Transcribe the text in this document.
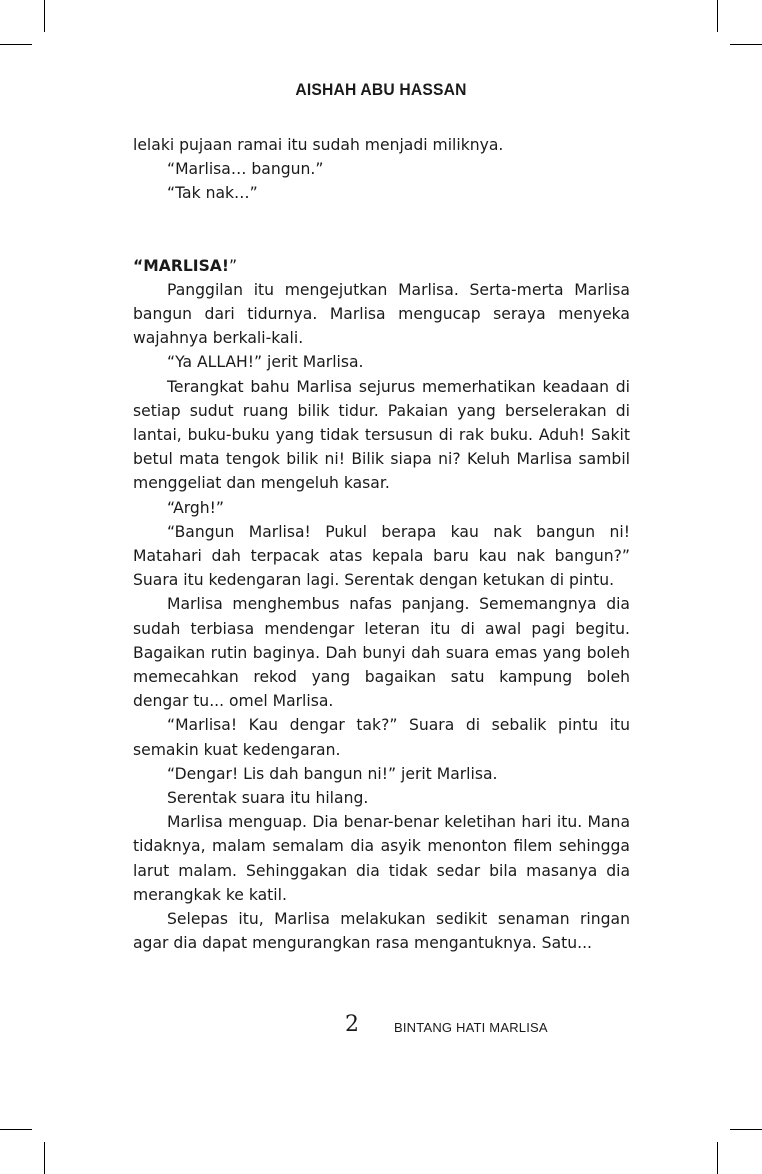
AISHAH ABU HASSAN

lelaki pujaan ramai itu sudah menjadi miliknya.

“Marlisa… bangun.”

“Tak nak…”

“MARLISA!”

Panggilan itu mengejutkan Marlisa. Serta-merta Marlisa bangun dari tidurnya. Marlisa mengucap seraya menyeka wajahnya berkali-kali.

“Ya ALLAH!” jerit Marlisa.

Terangkat bahu Marlisa sejurus memerhatikan keadaan di setiap sudut ruang bilik tidur. Pakaian yang berselerakan di lantai, buku-buku yang tidak tersusun di rak buku. Aduh! Sakit betul mata tengok bilik ni! Bilik siapa ni? Keluh Marlisa sambil menggeliat dan mengeluh kasar.

“Argh!”

“Bangun Marlisa! Pukul berapa kau nak bangun ni! Matahari dah terpacak atas kepala baru kau nak bangun?” Suara itu kedengaran lagi. Serentak dengan ketukan di pintu.

Marlisa menghembus nafas panjang. Sememangnya dia sudah terbiasa mendengar leteran itu di awal pagi begitu. Bagaikan rutin baginya. Dah bunyi dah suara emas yang boleh memecahkan rekod yang bagaikan satu kampung boleh dengar tu... omel Marlisa.

“Marlisa! Kau dengar tak?” Suara di sebalik pintu itu semakin kuat kedengaran.

“Dengar! Lis dah bangun ni!” jerit Marlisa.

Serentak suara itu hilang.

Marlisa menguap. Dia benar-benar keletihan hari itu. Mana tidaknya, malam semalam dia asyik menonton filem sehingga larut malam. Sehinggakan dia tidak sedar bila masanya dia merangkak ke katil.

Selepas itu, Marlisa melakukan sedikit senaman ringan agar dia dapat mengurangkan rasa mengantuknya. Satu...

2	BINTANG HATI MARLISA
